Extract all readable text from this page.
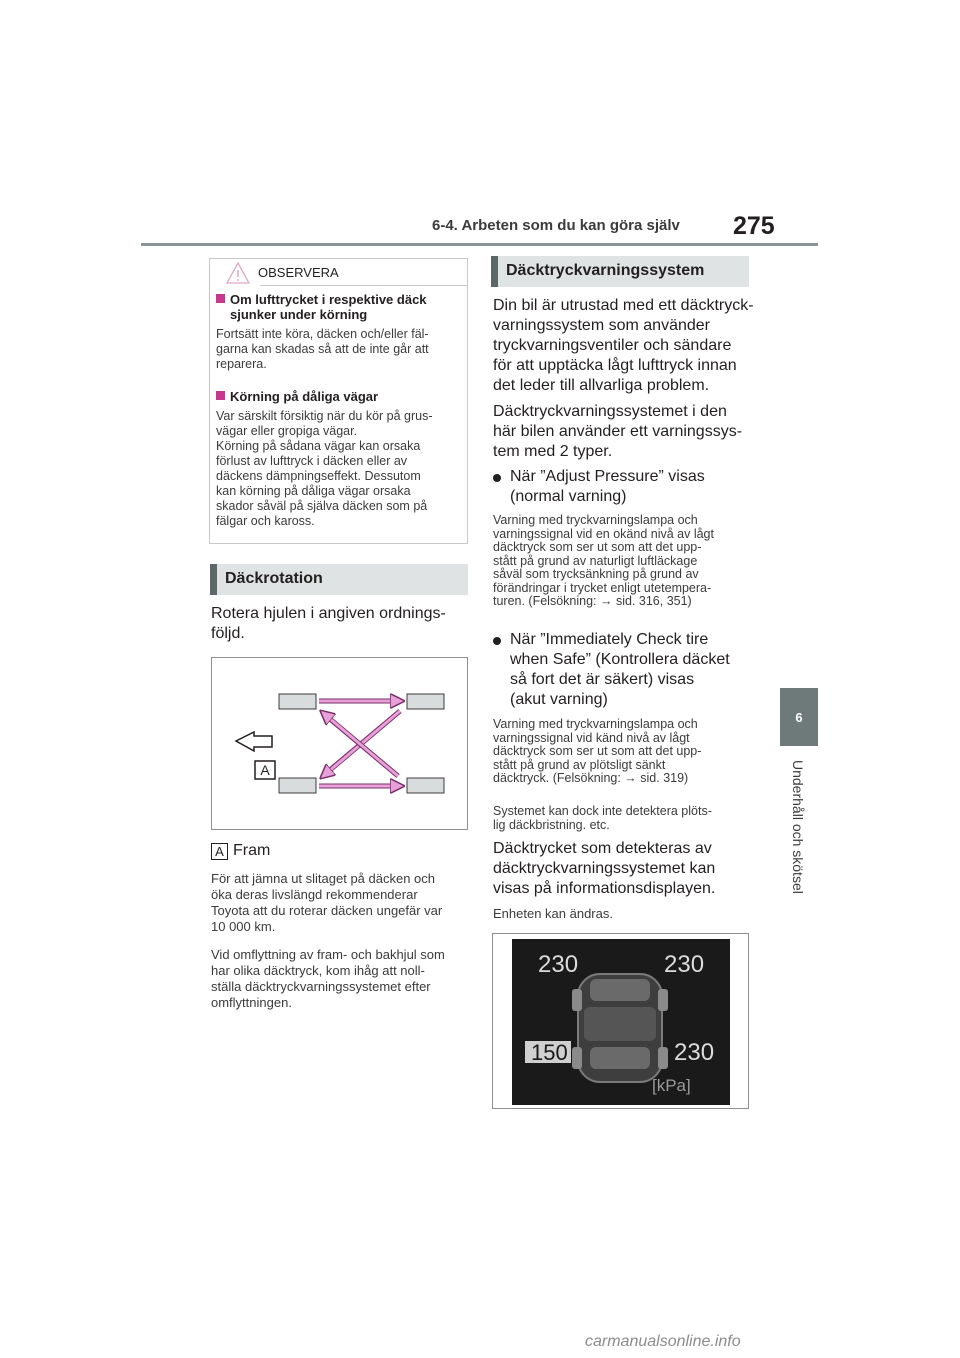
6-4. Arbeten som du kan göra själv 275
6
Underhåll och skötsel
OBSERVERA
Om lufttrycket i respektive däck
sjunker under körning
Fortsätt inte köra, däcken och/eller fäl-
garna kan skadas så att de inte går att
reparera.
Körning på dåliga vägar
Var särskilt försiktig när du kör på grus-
vägar eller gropiga vägar.
Körning på sådana vägar kan orsaka
förlust av lufttryck i däcken eller av
däckens dämpningseffekt. Dessutom
kan körning på dåliga vägar orsaka
skador såväl på själva däcken som på
fälgar och kaross.
Däckrotation
Rotera hjulen i angiven ordnings-
följd.
A
A Fram
För att jämna ut slitaget på däcken och
öka deras livslängd rekommenderar
Toyota att du roterar däcken ungefär var
10 000 km.
Vid omflyttning av fram- och bakhjul som
har olika däcktryck, kom ihåg att noll-
ställa däcktryckvarningssystemet efter
omflyttningen.
Däcktryckvarningssystem
Din bil är utrustad med ett däcktryck-
varningssystem som använder
tryckvarningsventiler och sändare
för att upptäcka lågt lufttryck innan
det leder till allvarliga problem.
Däcktryckvarningssystemet i den
här bilen använder ett varningssys-
tem med 2 typer.
När ”Adjust Pressure” visas
(normal varning)
Varning med tryckvarningslampa och
varningssignal vid en okänd nivå av lågt
däcktryck som ser ut som att det upp-
stått på grund av naturligt luftläckage
såväl som trycksänkning på grund av
förändringar i trycket enligt utetempera-
turen. (Felsökning: → sid. 316, 351)
När ”Immediately Check tire
when Safe” (Kontrollera däcket
så fort det är säkert) visas
(akut varning)
Varning med tryckvarningslampa och
varningssignal vid känd nivå av lågt
däcktryck som ser ut som att det upp-
stått på grund av plötsligt sänkt
däcktryck. (Felsökning: → sid. 319)
Systemet kan dock inte detektera plöts-
lig däckbristning. etc.
Däcktrycket som detekteras av
däcktryckvarningssystemet kan
visas på informationsdisplayen.
Enheten kan ändras.
230	230
150	230
[kPa]
carmanualsonline.info
